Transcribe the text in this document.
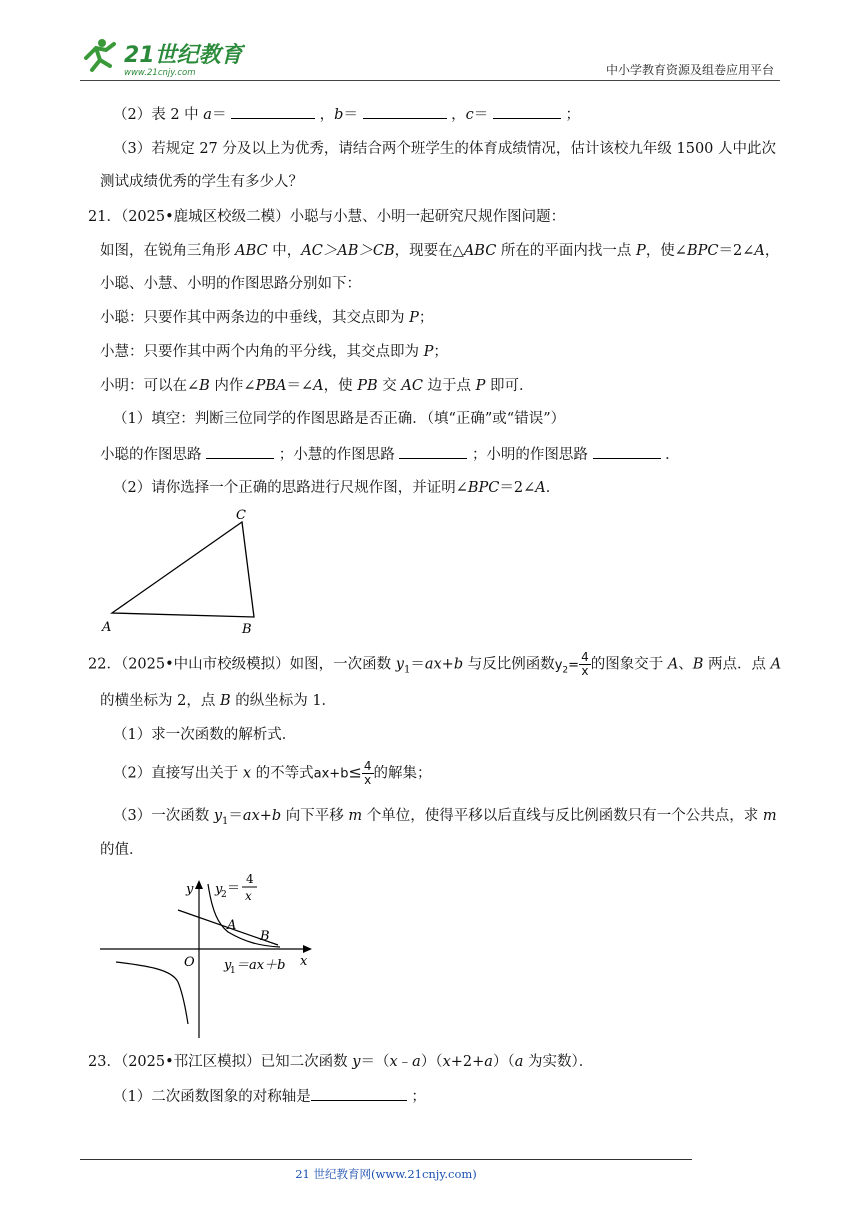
21世纪教育
www.21cnjy.com	中小学教育资源及组卷应用平台
（2）表 2 中 a＝	，b＝	，c＝	；
（3）若规定 27 分及以上为优秀，请结合两个班学生的体育成绩情况，估计该校九年级 1500 人中此次
测试成绩优秀的学生有多少人？
21．（2025•鹿城区校级二模）小聪与小慧、小明一起研究尺规作图问题：
如图，在锐角三角形 ABC 中，AC＞AB＞CB，现要在△ABC 所在的平面内找一点 P，使∠BPC＝2∠A，
小聪、小慧、小明的作图思路分别如下：
小聪：只要作其中两条边的中垂线，其交点即为 P；
小慧：只要作其中两个内角的平分线，其交点即为 P；
小明：可以在∠B 内作∠PBA＝∠A，使 PB 交 AC 边于点 P 即可．
（1）填空：判断三位同学的作图思路是否正确．（填“正确”或“错误”）
小聪的作图思路	；小慧的作图思路	；小明的作图思路	．
（2）请你选择一个正确的思路进行尺规作图，并证明∠BPC＝2∠A．
A	B
C
22．（2025•中山市校级模拟）如图，一次函数 $y_1=ax+b$ 与反比例函数$y_2= \frac{4}{x}$ 的图象交于 A、B 两点．点 A
的横坐标为 2，点 B 的纵坐标为 1．
（1）求一次函数的解析式．
（2）直接写出关于 x 的不等式$ax+b\le \frac{4}{x}$ 的解集；
（3）一次函数 $y_1=ax+b$ 向下平移 m 个单位，使得平移以后直线与反比例函数只有一个公共点，求 m
的值．
y
x
O
A
B
y
2 ＝
4
x
y
1 ＝ax＋b
23．（2025•邗江区模拟）已知二次函数 y＝（x﹣a）（x+2+a）（a 为实数）．
（1）二次函数图象的对称轴是	；
21 世纪教育网(www.21cnjy.com)
